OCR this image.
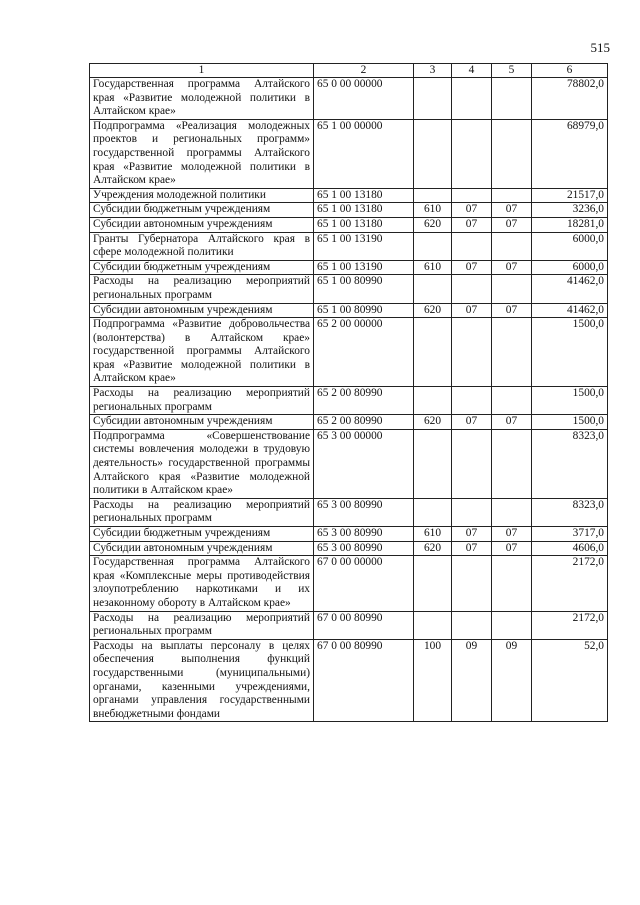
515
1	2	3	4	5	6
Государственная программа Алтайского края «Развитие молодежной политики в Алтайском крае»	65 0 00 00000				78802,0
Подпрограмма «Реализация молодежных проектов и региональных программ» государственной программы Алтайского края «Развитие молодежной политики в Алтайском крае»	65 1 00 00000				68979,0
Учреждения молодежной политики	65 1 00 13180				21517,0
Субсидии бюджетным учреждениям	65 1 00 13180	610	07	07	3236,0
Субсидии автономным учреждениям	65 1 00 13180	620	07	07	18281,0
Гранты Губернатора Алтайского края в сфере молодежной политики	65 1 00 13190				6000,0
Субсидии бюджетным учреждениям	65 1 00 13190	610	07	07	6000,0
Расходы на реализацию мероприятий региональных программ	65 1 00 80990				41462,0
Субсидии автономным учреждениям	65 1 00 80990	620	07	07	41462,0
Подпрограмма «Развитие добровольчества (волонтерства) в Алтайском крае» государственной программы Алтайского края «Развитие молодежной политики в Алтайском крае»	65 2 00 00000				1500,0
Расходы на реализацию мероприятий региональных программ	65 2 00 80990				1500,0
Субсидии автономным учреждениям	65 2 00 80990	620	07	07	1500,0
Подпрограмма «Совершенствование системы вовлечения молодежи в трудовую деятельность» государственной программы Алтайского края «Развитие молодежной политики в Алтайском крае»	65 3 00 00000				8323,0
Расходы на реализацию мероприятий региональных программ	65 3 00 80990				8323,0
Субсидии бюджетным учреждениям	65 3 00 80990	610	07	07	3717,0
Субсидии автономным учреждениям	65 3 00 80990	620	07	07	4606,0
Государственная программа Алтайского края «Комплексные меры противодействия злоупотреблению наркотиками и их незаконному обороту в Алтайском крае»	67 0 00 00000				2172,0
Расходы на реализацию мероприятий региональных программ	67 0 00 80990				2172,0
Расходы на выплаты персоналу в целях обеспечения выполнения функций государственными (муниципальными) органами, казенными учреждениями, органами управления государственными внебюджетными фондами	67 0 00 80990	100	09	09	52,0
